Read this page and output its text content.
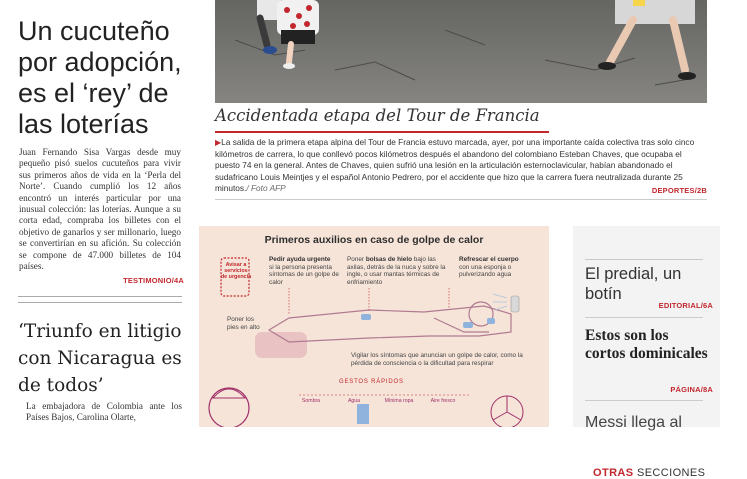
Un cucuteño por adopción, es el ‘rey’ de las loterías

Juan Fernando Sisa Vargas desde muy pequeño pisó suelos cucuteños para vivir sus primeros años de vida en la ‘Perla del Norte’. Cuando cumplió los 12 años encontró un interés particular por una inusual colección: las loterías. Aunque a su corta edad, compraba los billetes con el objetivo de ganarlos y ser millonario, luego se convertirían en su afición. Su colección se compone de 47.000 billetes de 104 países.

TESTIMONIO/4A
‘Triunfo en litigio con Nicaragua es de todos’

La embajadora de Colombia ante los Países Bajos, Carolina Olarte,

Accidentada etapa del Tour de Francia

▶La salida de la primera etapa alpina del Tour de Francia estuvo marcada, ayer, por una importante caída colectiva tras solo cinco kilómetros de carrera, lo que conllevó pocos kilómetros después el abandono del colombiano Esteban Chaves, que ocupaba el puesto 74 en la general. Antes de Chaves, quien sufrió una lesión en la articulación esternoclavicular, habían abandonado el sudafricano Louis Meintjes y el español Antonio Pedrero, por el accidente que hizo que la carrera fuera neutralizada durante 25 minutos./ Foto AFP	DEPORTES/2B
Primeros auxilios en caso de golpe de calor
Avisar a
servicios
de urgencia
Pedir ayuda urgente
si la persona presenta síntomas de un golpe de calor
Poner bolsas de hielo bajo las axilas, detrás de la nuca y sobre la ingle, o usar mantas térmicas de enfriamiento
Refrescar el cuerpo
con una esponja o pulverizando agua
Poner los pies en alto
Vigilar los síntomas que anuncian un golpe de calor, como la pérdida de consciencia o la dificultad para respirar
GESTOS RÁPIDOS
Sombra	Agua	Mínima ropa	Aire fresco
OTRAS SECCIONES
El predial, un botín
EDITORIAL/6A
Estos son los cortos dominicales
PÁGINA/8A
Messi llega al
